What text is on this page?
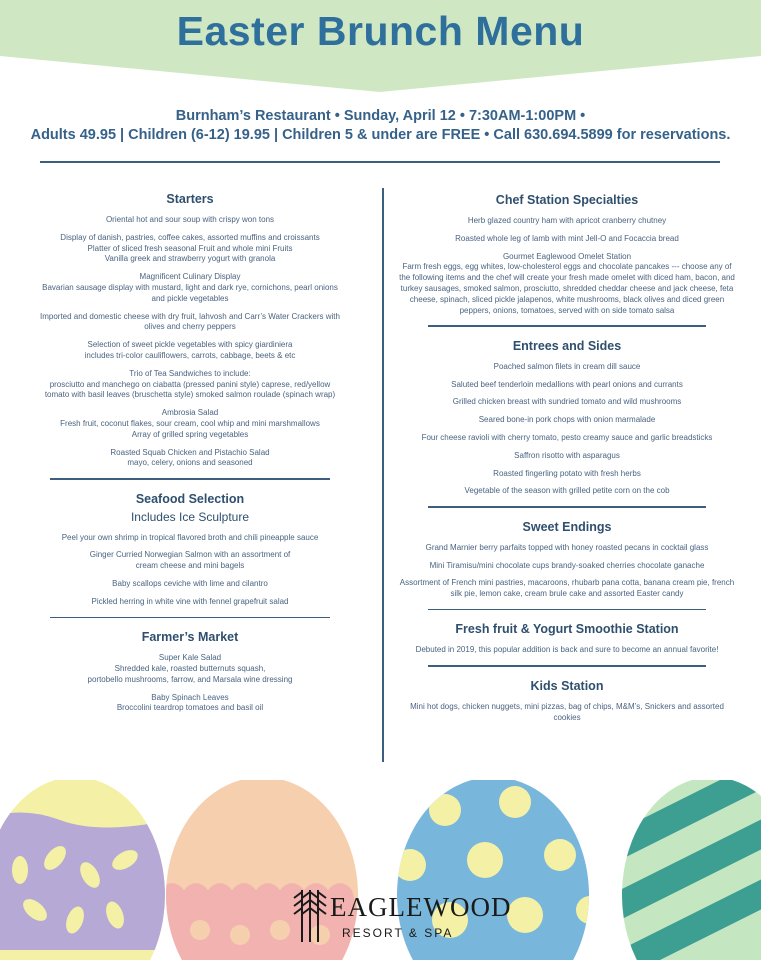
Easter Brunch Menu
Burnham’s Restaurant • Sunday, April 12 • 7:30AM-1:00PM •
Adults 49.95 | Children (6-12) 19.95 | Children 5 & under are FREE • Call 630.694.5899 for reservations.
Starters
Oriental hot and sour soup with crispy won tons
Display of danish, pastries, coffee cakes, assorted muffins and croissants
Platter of sliced fresh seasonal Fruit and whole mini Fruits
Vanilla greek and strawberry yogurt with granola
Magnificent Culinary Display
Bavarian sausage display with mustard, light and dark rye, cornichons, pearl onions and pickle vegetables
Imported and domestic cheese with dry fruit, lahvosh and Carr’s Water Crackers with olives and cherry peppers
Selection of sweet pickle vegetables with spicy giardiniera
includes tri-color cauliflowers, carrots, cabbage, beets & etc
Trio of Tea Sandwiches to include:
prosciutto and manchego on ciabatta (pressed panini style) caprese, red/yellow tomato with basil leaves (bruschetta style) smoked salmon roulade (spinach wrap)
Ambrosia Salad
Fresh fruit, coconut flakes, sour cream, cool whip and mini marshmallows
Array of grilled spring vegetables
Roasted Squab Chicken and Pistachio Salad
mayo, celery, onions and seasoned
Seafood Selection
Includes Ice Sculpture
Peel your own shrimp in tropical flavored broth and chili pineapple sauce
Ginger Curried Norwegian Salmon with an assortment of
cream cheese and mini bagels
Baby scallops ceviche with lime and cilantro
Pickled herring in white vine with fennel grapefruit salad
Farmer’s Market
Super Kale Salad
Shredded kale, roasted butternuts squash,
portobello mushrooms, farrow, and Marsala wine dressing
Baby Spinach Leaves
Broccolini teardrop tomatoes and basil oil
Chef Station Specialties
Herb glazed country ham with apricot cranberry chutney
Roasted whole leg of lamb with mint Jell-O and Focaccia bread
Gourmet Eaglewood Omelet Station
Farm fresh eggs, egg whites, low-cholesterol eggs and chocolate pancakes --- choose any of the following items and the chef will create your fresh made omelet with diced ham, bacon, and turkey sausages, smoked salmon, prosciutto, shredded cheddar cheese and jack cheese, feta cheese, spinach, sliced pickle jalapenos, white mushrooms, black olives and diced green peppers, onions, tomatoes, served with on side tomato salsa
Entrees and Sides
Poached salmon filets in cream dill sauce
Saluted beef tenderloin medallions with pearl onions and currants
Grilled chicken breast with sundried tomato and wild mushrooms
Seared bone-in pork chops with onion marmalade
Four cheese ravioli with cherry tomato, pesto creamy sauce and garlic breadsticks
Saffron risotto with asparagus
Roasted fingerling potato with fresh herbs
Vegetable of the season with grilled petite corn on the cob
Sweet Endings
Grand Marnier berry parfaits topped with honey roasted pecans in cocktail glass
Mini Tiramisu/mini chocolate cups brandy-soaked cherries chocolate ganache
Assortment of French mini pastries, macaroons, rhubarb pana cotta, banana cream pie, french silk pie, lemon cake, cream brule cake and assorted Easter candy
Fresh fruit & Yogurt Smoothie Station
Debuted in 2019, this popular addition is back and sure to become an annual favorite!
Kids Station
Mini hot dogs, chicken nuggets, mini pizzas, bag of chips, M&M’s, Snickers and assorted cookies
EAGLEWOOD
RESORT & SPA
